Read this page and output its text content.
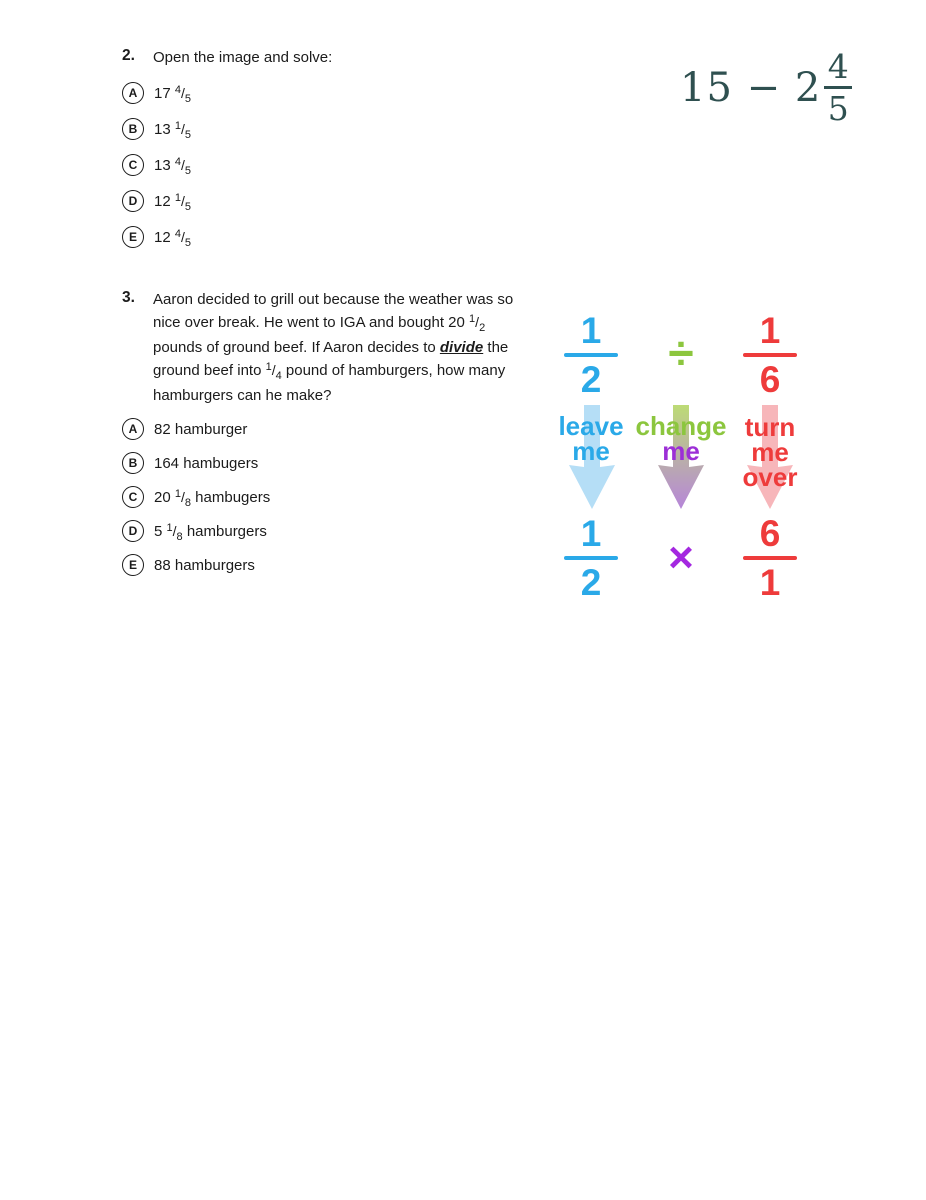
2.	Open the image and solve:
A	17 $^4/_5$
B	13 $^1/_5$
C	13 $^4/_5$
D	12 $^1/_5$
E	12 $^4/_5$
15 − 2 4
5
3.	Aaron decided to grill out because the weather was so nice over break. He went to IGA and bought 20 $^1/_2$ pounds of ground beef. If Aaron decides to divide the ground beef into $^1/_4$ pound of hamburgers, how many hamburgers can he make?
A	82 hamburger
B	164 hambugers
C	20 $^1/_8$ hambugers
D	5 $^1/_8$ hamburgers
E	88 hamburgers
1
2
÷ 1
6
leave
me
change
me
turn
me
over
1
2
× 6
1
